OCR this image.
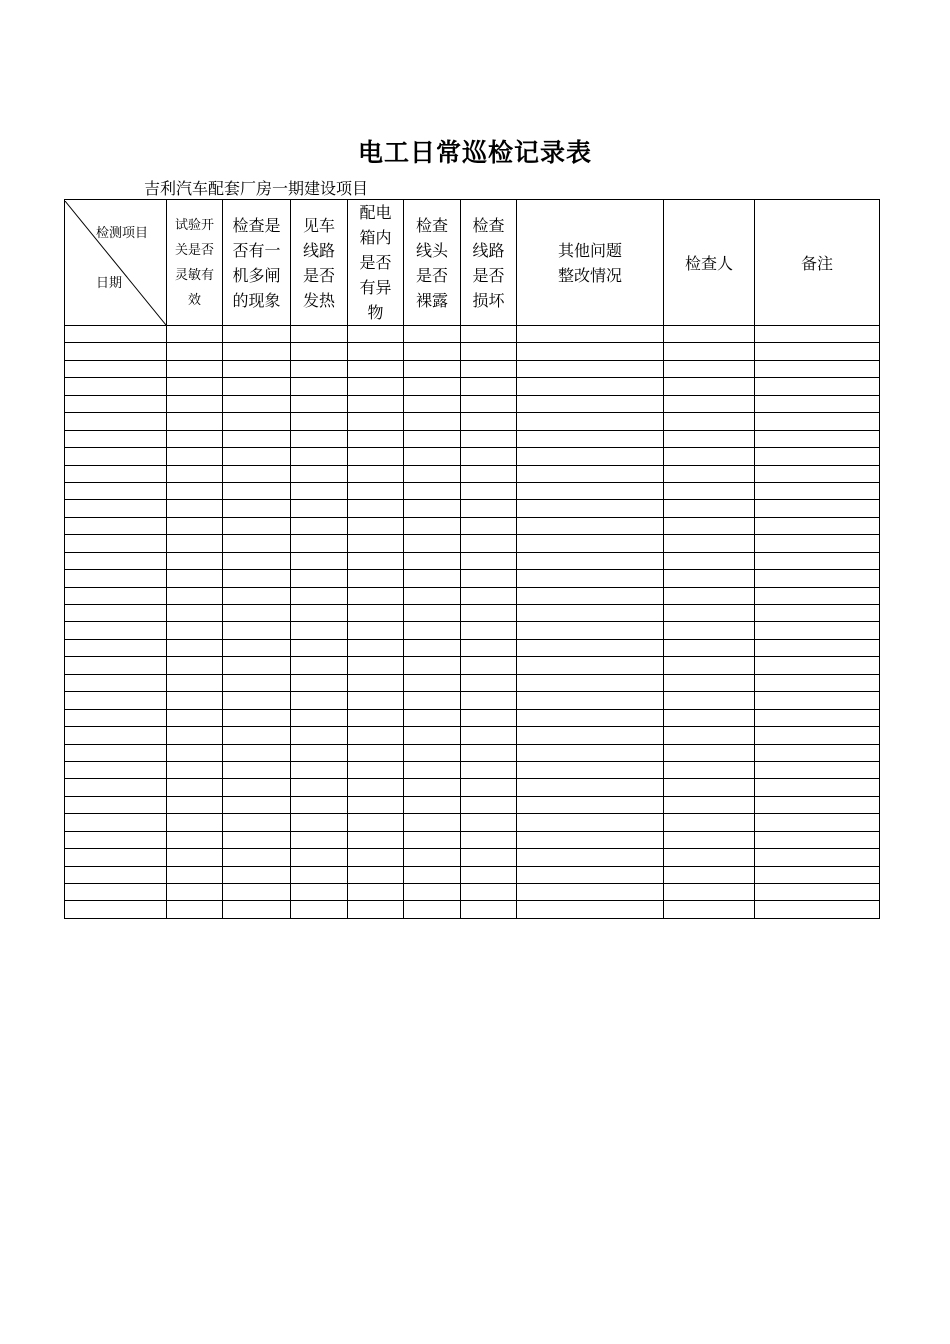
电工日常巡检记录表
吉利汽车配套厂房一期建设项目
检测项目
日期	试验开关是否灵敏有效	检查是否有一机多闸的现象	见车线路是否发热	配电箱内是否有异物	检查线头是否裸露	检查线路是否损坏	其他问题整改情况	检查人	备注
